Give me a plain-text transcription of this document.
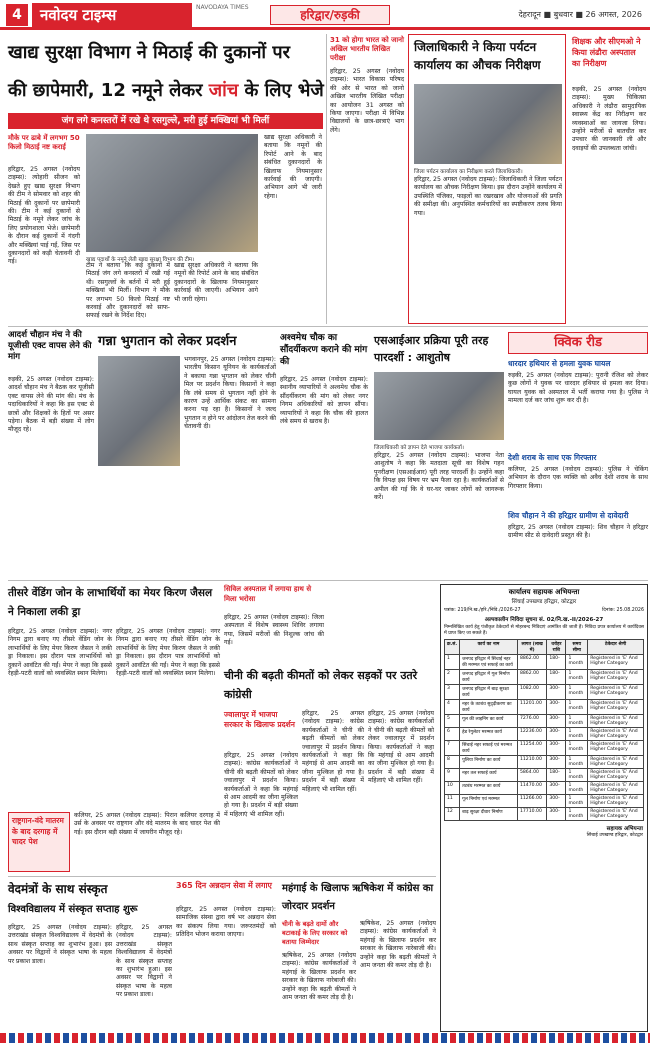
4	नवोदय टाइम्स	NAVODAYA TIMES
हरिद्वार/रुड़की	देहरादून ■ बुधवार ■ 26 अगस्त, 2026
खाद्य सुरक्षा विभाग ने मिठाई की दुकानों पर
की छापेमारी, 12 नमूने लेकर जांच के लिए भेजे
जंग लगे कनस्तरों में रखे थे रसगुल्ले, मरी हुई मक्खियां भी मिलीं
मौके पर ढाबे में लगभग 50 किलो मिठाई नष्ट कराई
हरिद्वार, 25 अगस्त (नवोदय टाइम्स): त्योहारी सीजन को देखते हुए खाद्य सुरक्षा विभाग की टीम ने सोमवार को शहर की मिठाई की दुकानों पर छापेमारी की। टीम ने कई दुकानों से मिठाई के नमूने लेकर जांच के लिए प्रयोगशाला भेजे। छापेमारी के दौरान कई दुकानों में गंदगी और मक्खियां पाई गईं, जिस पर दुकानदारों को कड़ी चेतावनी दी गई।	खाद्य पदार्थों के नमूने लेती खाद्य सुरक्षा विभाग की टीम।
टीम ने बताया कि कई दुकानों में मिठाई जंग लगे कनस्तरों में रखी गई थी। रसगुल्लों के बर्तनों में मरी हुई मक्खियां भी मिलीं। विभाग ने मौके पर लगभग 50 किलो मिठाई नष्ट करवाई और दुकानदारों को साफ-सफाई रखने के निर्देश दिए।
खाद्य सुरक्षा अधिकारी ने बताया कि नमूनों की रिपोर्ट आने के बाद संबंधित दुकानदारों के खिलाफ नियमानुसार कार्रवाई की जाएगी। अभियान आगे भी जारी रहेगा।
खाद्य सुरक्षा अधिकारी ने बताया कि नमूनों की रिपोर्ट आने के बाद संबंधित दुकानदारों के खिलाफ नियमानुसार कार्रवाई की जाएगी। अभियान आगे भी जारी रहेगा।
31 को होगा भारत को जानो अखिल भारतीय लिखित परीक्षा
हरिद्वार, 25 अगस्त (नवोदय टाइम्स): भारत विकास परिषद की ओर से भारत को जानो अखिल भारतीय लिखित परीक्षा का आयोजन 31 अगस्त को किया जाएगा। परीक्षा में विभिन्न विद्यालयों के छात्र-छात्राएं भाग लेंगे।
जिलाधिकारी ने किया पर्यटन कार्यालय का औचक निरीक्षण
जिला पर्यटन कार्यालय का निरीक्षण करते जिलाधिकारी।
हरिद्वार, 25 अगस्त (नवोदय टाइम्स): जिलाधिकारी ने जिला पर्यटन कार्यालय का औचक निरीक्षण किया। इस दौरान उन्होंने कार्यालय में उपस्थिति पंजिका, फाइलों का रखरखाव और योजनाओं की प्रगति की समीक्षा की। अनुपस्थित कर्मचारियों का स्पष्टीकरण तलब किया गया।
शिक्षक और सीएमओ ने किया लंढौरा अस्पताल का निरीक्षण
रुड़की, 25 अगस्त (नवोदय टाइम्स): मुख्य चिकित्सा अधिकारी ने लंढौरा सामुदायिक स्वास्थ्य केंद्र का निरीक्षण कर व्यवस्थाओं का जायजा लिया। उन्होंने मरीजों से बातचीत कर उपचार की जानकारी ली और दवाइयों की उपलब्धता जांची।
आदर्श चौहान मंच ने की यूजीसी एक्ट वापस लेने की मांग
रुड़की, 25 अगस्त (नवोदय टाइम्स): आदर्श चौहान मंच ने बैठक कर यूजीसी एक्ट वापस लेने की मांग की। मंच के पदाधिकारियों ने कहा कि इस एक्ट से छात्रों और शिक्षकों के हितों पर असर पड़ेगा। बैठक में बड़ी संख्या में लोग मौजूद रहे।
गन्ना भुगतान को लेकर प्रदर्शन
भगवानपुर, 25 अगस्त (नवोदय टाइम्स): भारतीय किसान यूनियन के कार्यकर्ताओं ने बकाया गन्ना भुगतान को लेकर चीनी मिल पर प्रदर्शन किया। किसानों ने कहा कि लंबे समय से भुगतान नहीं होने के कारण उन्हें आर्थिक संकट का सामना करना पड़ रहा है। किसानों ने जल्द भुगतान न होने पर आंदोलन तेज करने की चेतावनी दी।
अश्वमेध चौक का सौंदर्यीकरण कराने की मांग की
हरिद्वार, 25 अगस्त (नवोदय टाइम्स): स्थानीय व्यापारियों ने अश्वमेध चौक के सौंदर्यीकरण की मांग को लेकर नगर निगम अधिकारियों को ज्ञापन सौंपा। व्यापारियों ने कहा कि चौक की हालत लंबे समय से खराब है।
एसआईआर प्रक्रिया पूरी तरह पारदर्शी : आशुतोष
जिलाधिकारी को ज्ञापन देते भाजपा कार्यकर्ता।
हरिद्वार, 25 अगस्त (नवोदय टाइम्स): भाजपा नेता आशुतोष ने कहा कि मतदाता सूची का विशेष गहन पुनरीक्षण (एसआईआर) पूरी तरह पारदर्शी है। उन्होंने कहा कि विपक्ष इस विषय पर भ्रम फैला रहा है। कार्यकर्ताओं से अपील की गई कि वे घर-घर जाकर लोगों को जागरूक करें।
क्विक रीड
धारदार हथियार से हमला युवक घायल
रुड़की, 25 अगस्त (नवोदय टाइम्स): पुरानी रंजिश को लेकर कुछ लोगों ने युवक पर धारदार हथियार से हमला कर दिया। घायल युवक को अस्पताल में भर्ती कराया गया है। पुलिस ने मामला दर्ज कर जांच शुरू कर दी है।
देशी शराब के साथ एक गिरफ्तार
कलियर, 25 अगस्त (नवोदय टाइम्स): पुलिस ने चेकिंग अभियान के दौरान एक व्यक्ति को अवैध देशी शराब के साथ गिरफ्तार किया।
शिव चौहान ने की हरिद्वार ग्रामीण से दावेदारी
हरिद्वार, 25 अगस्त (नवोदय टाइम्स): शिव चौहान ने हरिद्वार ग्रामीण सीट से दावेदारी प्रस्तुत की है।
तीसरे वेंडिंग जोन के लाभार्थियों का मेयर किरण जैसल ने निकाला लकी ड्रा
हरिद्वार, 25 अगस्त (नवोदय टाइम्स): नगर निगम द्वारा बनाए गए तीसरे वेंडिंग जोन के लाभार्थियों के लिए मेयर किरण जैसल ने लकी ड्रा निकाला। इस दौरान पात्र लाभार्थियों को दुकानें आवंटित की गईं। मेयर ने कहा कि इससे रेहड़ी-पटरी वालों को व्यवस्थित स्थान मिलेगा।
हरिद्वार, 25 अगस्त (नवोदय टाइम्स): नगर निगम द्वारा बनाए गए तीसरे वेंडिंग जोन के लाभार्थियों के लिए मेयर किरण जैसल ने लकी ड्रा निकाला। इस दौरान पात्र लाभार्थियों को दुकानें आवंटित की गईं। मेयर ने कहा कि इससे रेहड़ी-पटरी वालों को व्यवस्थित स्थान मिलेगा।
राष्ट्रगान-वंदे मातरम के बाद दरगाह में चादर पेश
कलियर, 25 अगस्त (नवोदय टाइम्स): पिरान कलियर दरगाह में उर्स के अवसर पर राष्ट्रगान और वंदे मातरम के बाद चादर पेश की गई। इस दौरान बड़ी संख्या में जायरीन मौजूद रहे।
सिविल अस्पताल में लगाया हाथ से मिला भरोसा
हरिद्वार, 25 अगस्त (नवोदय टाइम्स): जिला अस्पताल में विशेष स्वास्थ्य शिविर लगाया गया, जिसमें मरीजों की निशुल्क जांच की गई।
चीनी की बढ़ती कीमतों को लेकर सड़कों पर उतरे कांग्रेसी
ज्वालापुर में भाजपा सरकार के खिलाफ प्रदर्शन
हरिद्वार, 25 अगस्त (नवोदय टाइम्स): कांग्रेस कार्यकर्ताओं ने चीनी की बढ़ती कीमतों को लेकर ज्वालापुर में प्रदर्शन किया। कार्यकर्ताओं ने कहा कि महंगाई से आम आदमी का जीना मुश्किल हो गया है। प्रदर्शन में बड़ी संख्या में महिलाएं भी शामिल रहीं।
हरिद्वार, 25 अगस्त (नवोदय टाइम्स): कांग्रेस कार्यकर्ताओं ने चीनी की बढ़ती कीमतों को लेकर ज्वालापुर में प्रदर्शन किया। कार्यकर्ताओं ने कहा कि महंगाई से आम आदमी का जीना मुश्किल हो गया है। प्रदर्शन में बड़ी संख्या में महिलाएं भी शामिल रहीं।
हरिद्वार, 25 अगस्त (नवोदय टाइम्स): कांग्रेस कार्यकर्ताओं ने चीनी की बढ़ती कीमतों को लेकर ज्वालापुर में प्रदर्शन किया। कार्यकर्ताओं ने कहा कि महंगाई से आम आदमी का जीना मुश्किल हो गया है। प्रदर्शन में बड़ी संख्या में महिलाएं भी शामिल रहीं।
वेदमंत्रों के साथ संस्कृत
विश्वविद्यालय में संस्कृत सप्ताह शुरू
हरिद्वार, 25 अगस्त (नवोदय टाइम्स): उत्तराखंड संस्कृत विश्वविद्यालय में वेदमंत्रों के साथ संस्कृत सप्ताह का शुभारंभ हुआ। इस अवसर पर विद्वानों ने संस्कृत भाषा के महत्व पर प्रकाश डाला।
हरिद्वार, 25 अगस्त (नवोदय टाइम्स): उत्तराखंड संस्कृत विश्वविद्यालय में वेदमंत्रों के साथ संस्कृत सप्ताह का शुभारंभ हुआ। इस अवसर पर विद्वानों ने संस्कृत भाषा के महत्व पर प्रकाश डाला।
365 दिन अन्नदान सेवा में लगाए
हरिद्वार, 25 अगस्त (नवोदय टाइम्स): सामाजिक संस्था द्वारा वर्ष भर अन्नदान सेवा का संकल्प लिया गया। जरूरतमंदों को प्रतिदिन भोजन कराया जाएगा।
महंगाई के खिलाफ ऋषिकेश में कांग्रेस का जोरदार प्रदर्शन
चीनी के बढ़ते दामों और बटाकाई के लिए सरकार को बताया जिम्मेदार
ऋषिकेश, 25 अगस्त (नवोदय टाइम्स): कांग्रेस कार्यकर्ताओं ने महंगाई के खिलाफ प्रदर्शन कर सरकार के खिलाफ नारेबाजी की। उन्होंने कहा कि बढ़ती कीमतों ने आम जनता की कमर तोड़ दी है।
ऋषिकेश, 25 अगस्त (नवोदय टाइम्स): कांग्रेस कार्यकर्ताओं ने महंगाई के खिलाफ प्रदर्शन कर सरकार के खिलाफ नारेबाजी की। उन्होंने कहा कि बढ़ती कीमतों ने आम जनता की कमर तोड़ दी है।
कार्यालय सहायक अभियन्ता
सिंचाई उपखण्ड हरिद्वार, कोटद्वार
पत्रांक: 219/नि.ख./हरि./निवि./2026-27	दिनांक: 25.08.2026
अल्पकालीन निविदा सूचना सं. 02/नि.ख.-II/2026-27
निम्नलिखित कार्य हेतु पंजीकृत ठेकेदारों से मोहरबन्द निविदाएं आमंत्रित की जाती हैं। निविदा प्रपत्र कार्यालय में कार्यदिवस में प्राप्त किए जा सकते हैं।
क्र.सं.	कार्य का नाम	लागत (लाख में)	धरोहर राशि	समय सीमा	ठेकेदार श्रेणी
1	जनपद हरिद्वार में सिंचाई नहर की मरम्मत एवं सफाई का कार्य	8862.00	180-	1 month	Registered in 'E' And Higher Category
2	जनपद हरिद्वार में गूल निर्माण कार्य	8862.00	180-	1 month	Registered in 'E' And Higher Category
3	जनपद हरिद्वार में बाढ़ सुरक्षा कार्य	1082.00	300-	1 month	Registered in 'E' And Higher Category
4	नहर के तटबंध सुदृढ़ीकरण का कार्य	11201.00	300-	1 month	Registered in 'E' And Higher Category
5	गूल की लाइनिंग का कार्य	7276.00	300-	1 month	Registered in 'E' And Higher Category
6	हेड रेगुलेटर मरम्मत कार्य	12236.00	300-	1 month	Registered in 'E' And Higher Category
7	सिंचाई नहर सफाई एवं मरम्मत कार्य	11254.00	300-	1 month	Registered in 'E' And Higher Category
8	पुलिया निर्माण का कार्य	11210.00	300-	1 month	Registered in 'E' And Higher Category
9	नहर तल सफाई कार्य	5864.00	180-	1 month	Registered in 'E' And Higher Category
10	तटबंध मरम्मत का कार्य	11470.00	300-	1 month	Registered in 'E' And Higher Category
11	गूल निर्माण एवं मरम्मत	11266.00	300-	1 month	Registered in 'E' And Higher Category
12	बाढ़ सुरक्षा दीवार निर्माण	17710.00	300-	1 month	Registered in 'E' And Higher Category
सहायक अभियन्ता
सिंचाई उपखण्ड हरिद्वार, कोटद्वार
